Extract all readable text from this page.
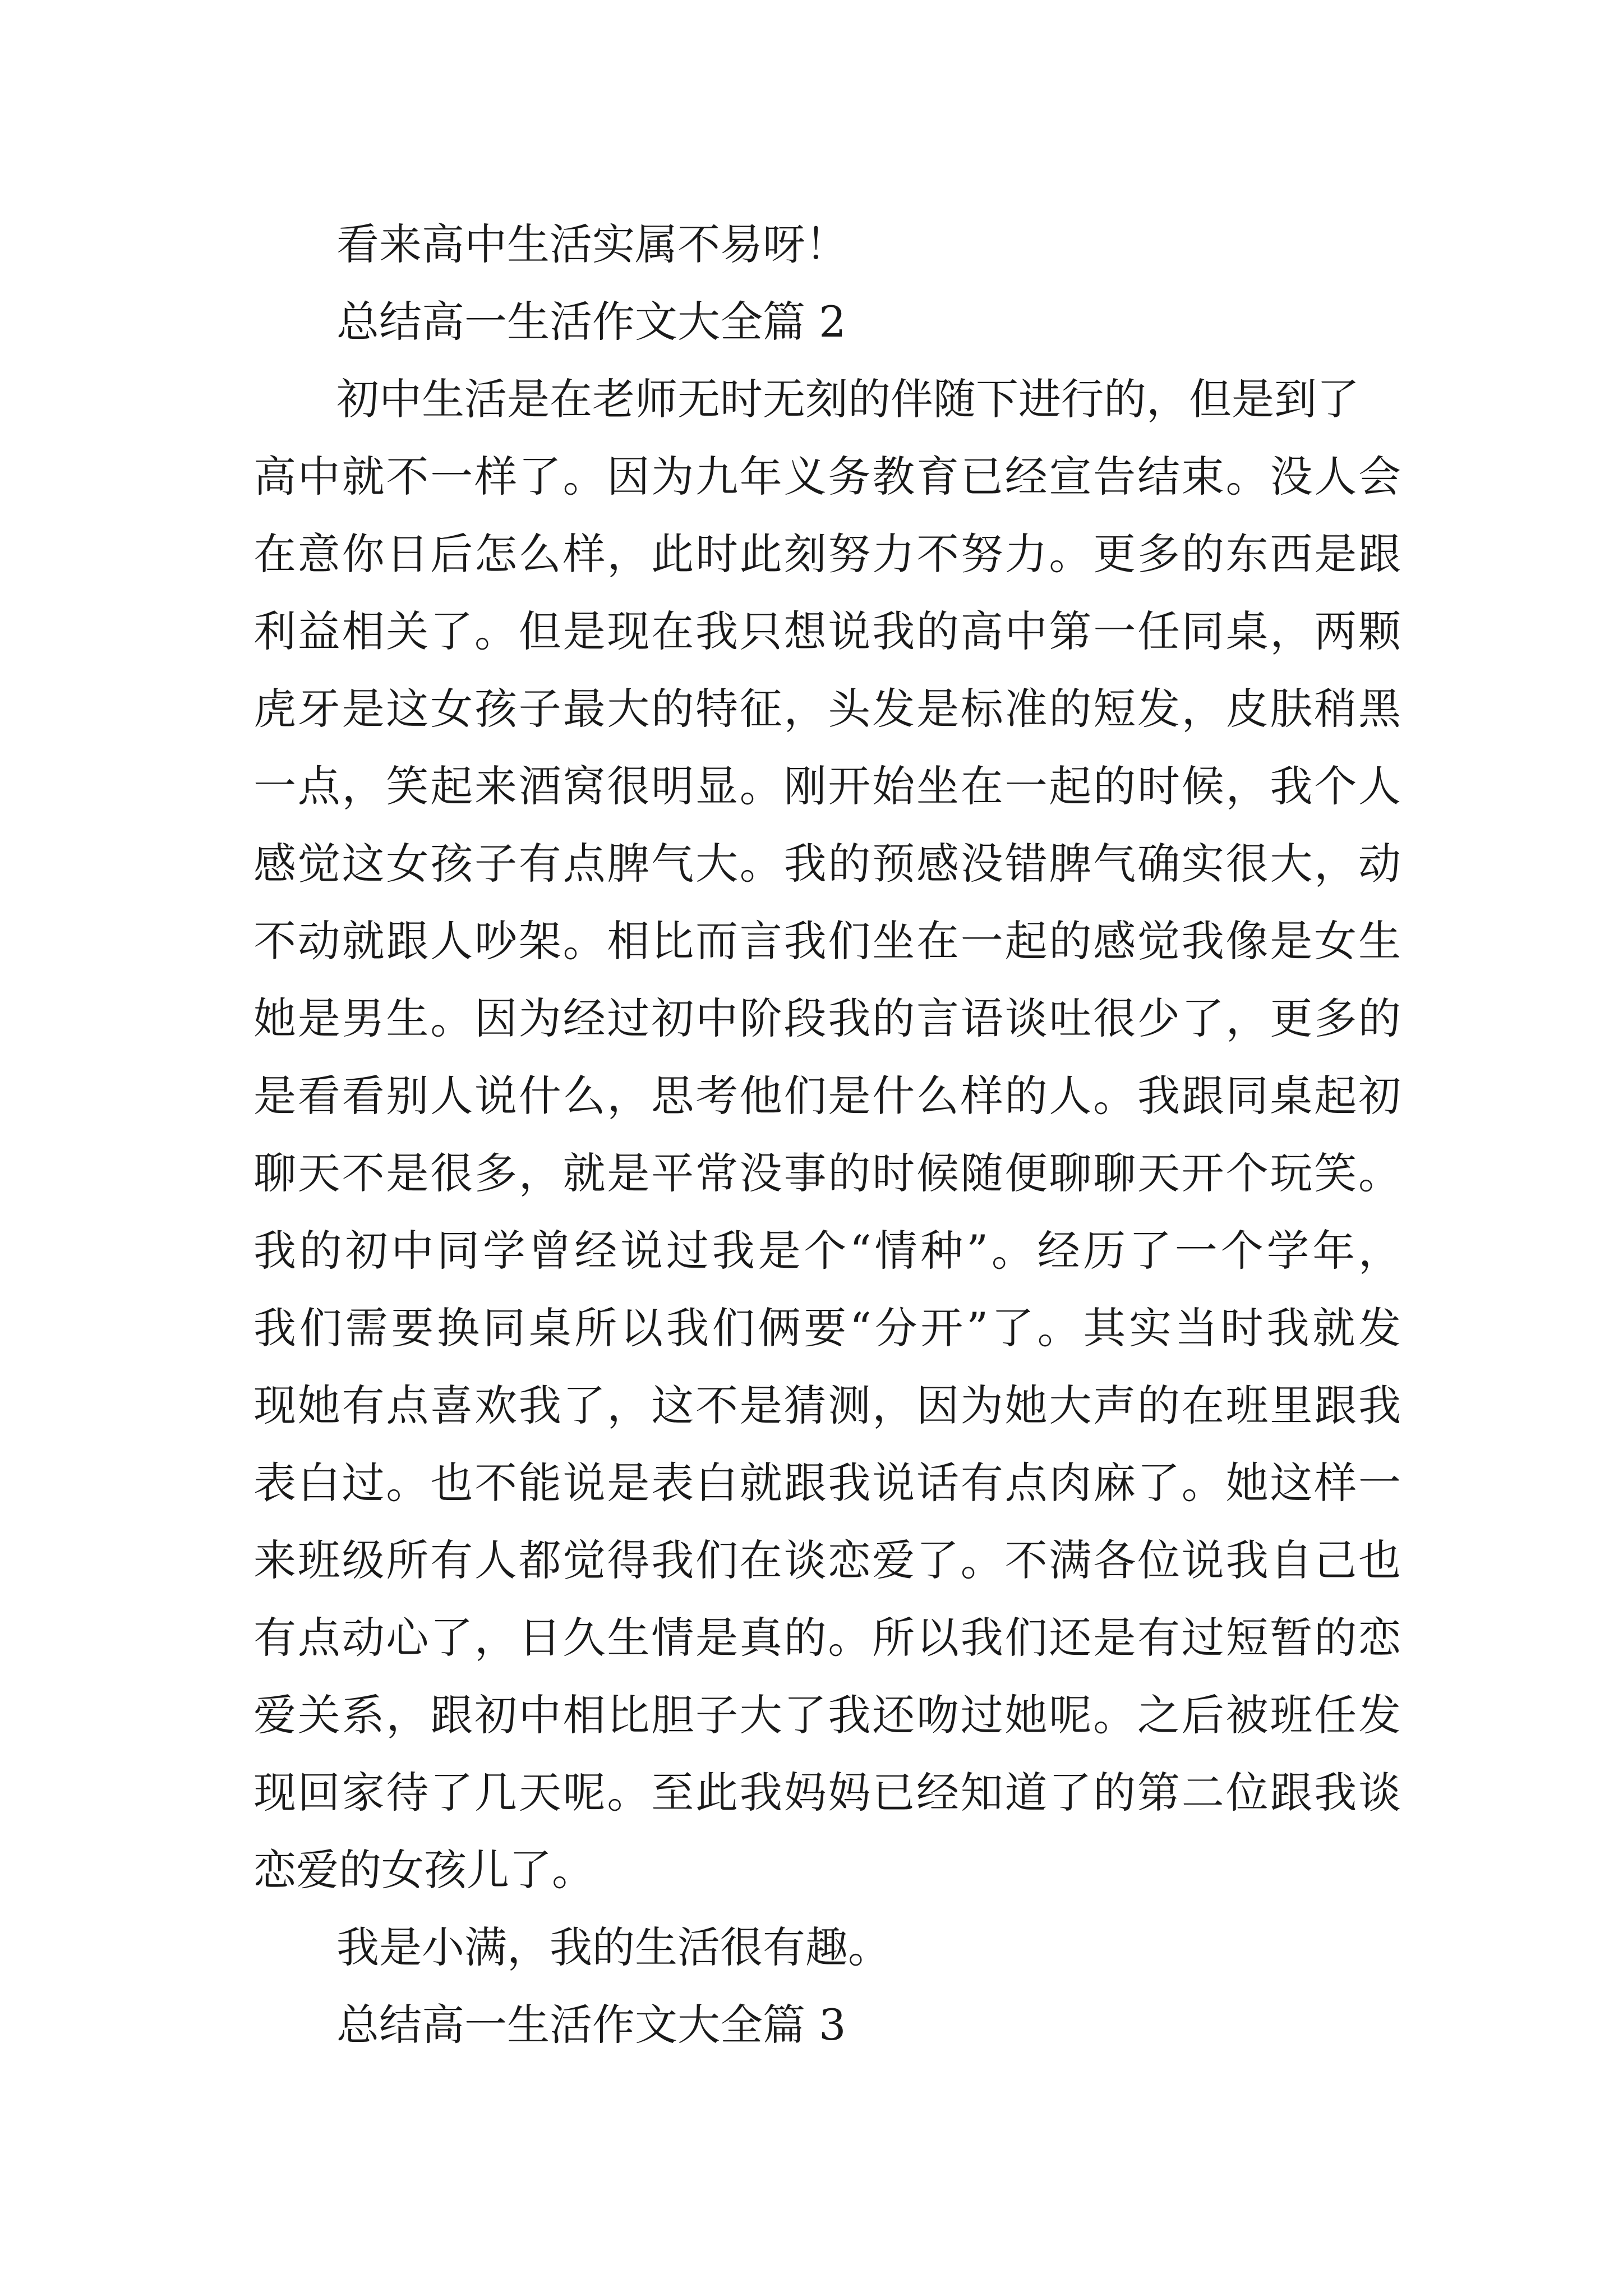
看来高中生活实属不易呀！
总结高一生活作文大全篇 2
初中生活是在老师无时无刻的伴随下进行的，但是到了
高中就不一样了。因为九年义务教育已经宣告结束。没人会
在意你日后怎么样，此时此刻努力不努力。更多的东西是跟
利益相关了。但是现在我只想说我的高中第一任同桌，两颗
虎牙是这女孩子最大的特征，头发是标准的短发，皮肤稍黑
一点，笑起来酒窝很明显。刚开始坐在一起的时候，我个人
感觉这女孩子有点脾气大。我的预感没错脾气确实很大，动
不动就跟人吵架。相比而言我们坐在一起的感觉我像是女生
她是男生。因为经过初中阶段我的言语谈吐很少了，更多的
是看看别人说什么，思考他们是什么样的人。我跟同桌起初
聊天不是很多，就是平常没事的时候随便聊聊天开个玩笑。
我的初中同学曾经说过我是个“情种”。经历了一个学年，
我们需要换同桌所以我们俩要“分开”了。其实当时我就发
现她有点喜欢我了，这不是猜测，因为她大声的在班里跟我
表白过。也不能说是表白就跟我说话有点肉麻了。她这样一
来班级所有人都觉得我们在谈恋爱了。不满各位说我自己也
有点动心了，日久生情是真的。所以我们还是有过短暂的恋
爱关系，跟初中相比胆子大了我还吻过她呢。之后被班任发
现回家待了几天呢。至此我妈妈已经知道了的第二位跟我谈
恋爱的女孩儿了。
我是小满，我的生活很有趣。
总结高一生活作文大全篇 3
